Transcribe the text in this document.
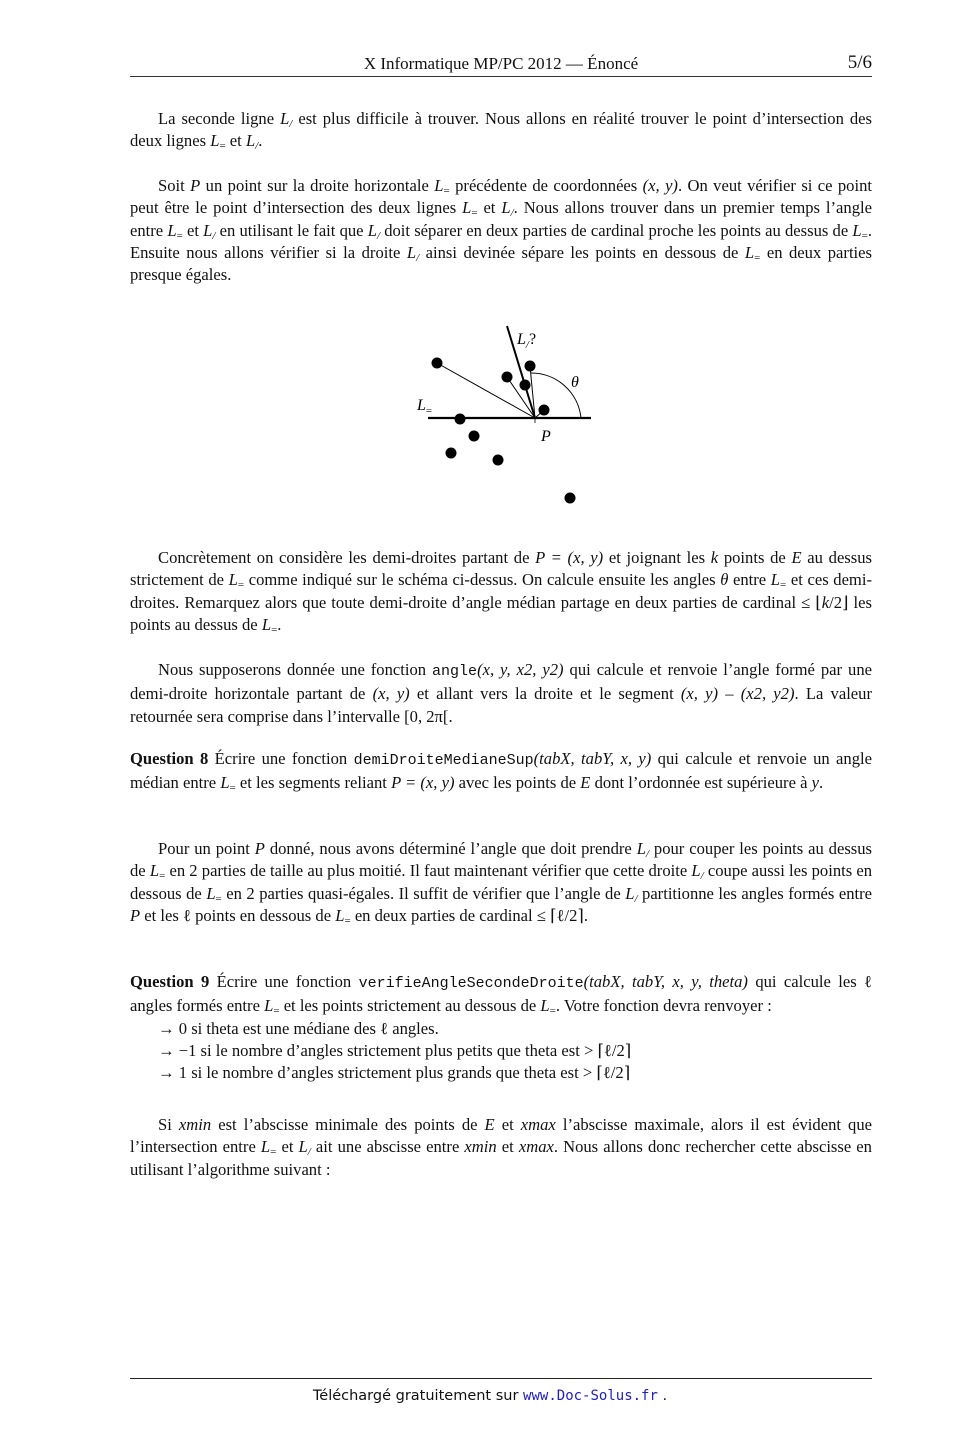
X Informatique MP/PC 2012 — Énoncé	5/6

La seconde ligne $L_/$ est plus difficile à trouver. Nous allons en réalité trouver le point d’intersection des deux lignes $L_=$ et $L_/$.

Soit P un point sur la droite horizontale $L_=$ précédente de coordonnées (x, y). On veut vérifier si ce point peut être le point d’intersection des deux lignes $L_=$ et $L_/$. Nous allons trouver dans un premier temps l’angle entre $L_=$ et $L_/$ en utilisant le fait que $L_/$ doit séparer en deux parties de cardinal proche les points au dessus de $L_=$. Ensuite nous allons vérifier si la droite $L_/$ ainsi devinée sépare les points en dessous de $L_=$ en deux parties presque égales.

$L_/$?
$L_=$
θ
P

Concrètement on considère les demi-droites partant de P = (x, y) et joignant les k points de E au dessus strictement de $L_=$ comme indiqué sur le schéma ci-dessus. On calcule ensuite les angles θ entre $L_=$ et ces demi-droites. Remarquez alors que toute demi-droite d’angle médian partage en deux parties de cardinal ≤ ⌊k/2⌋ les points au dessus de $L_=$.

Nous supposerons donnée une fonction angle(x, y, x2, y2) qui calcule et renvoie l’angle formé par une demi-droite horizontale partant de (x, y) et allant vers la droite et le segment (x, y) – (x2, y2). La valeur retournée sera comprise dans l’intervalle [0, 2π[.

Question 8 Écrire une fonction demiDroiteMedianeSup(tabX, tabY, x, y) qui calcule et renvoie un angle médian entre $L_=$ et les segments reliant P = (x, y) avec les points de E dont l’ordonnée est supérieure à y.

Pour un point P donné, nous avons déterminé l’angle que doit prendre $L_/$ pour couper les points au dessus de $L_=$ en 2 parties de taille au plus moitié. Il faut maintenant vérifier que cette droite $L_/$ coupe aussi les points en dessous de $L_=$ en 2 parties quasi-égales. Il suffit de vérifier que l’angle de $L_/$ partitionne les angles formés entre P et les ℓ points en dessous de $L_=$ en deux parties de cardinal ≤ ⌈ℓ/2⌉.

Question 9 Écrire une fonction verifieAngleSecondeDroite(tabX, tabY, x, y, theta) qui calcule les ℓ angles formés entre $L_=$ et les points strictement au dessous de $L_=$. Votre fonction devra renvoyer :

→ 0 si theta est une médiane des ℓ angles.
→ −1 si le nombre d’angles strictement plus petits que theta est > ⌈ℓ/2⌉
→ 1 si le nombre d’angles strictement plus grands que theta est > ⌈ℓ/2⌉

Si xmin est l’abscisse minimale des points de E et xmax l’abscisse maximale, alors il est évident que l’intersection entre $L_=$ et $L_/$ ait une abscisse entre xmin et xmax. Nous allons donc rechercher cette abscisse en utilisant l’algorithme suivant :

Téléchargé gratuitement sur www.Doc-Solus.fr .
